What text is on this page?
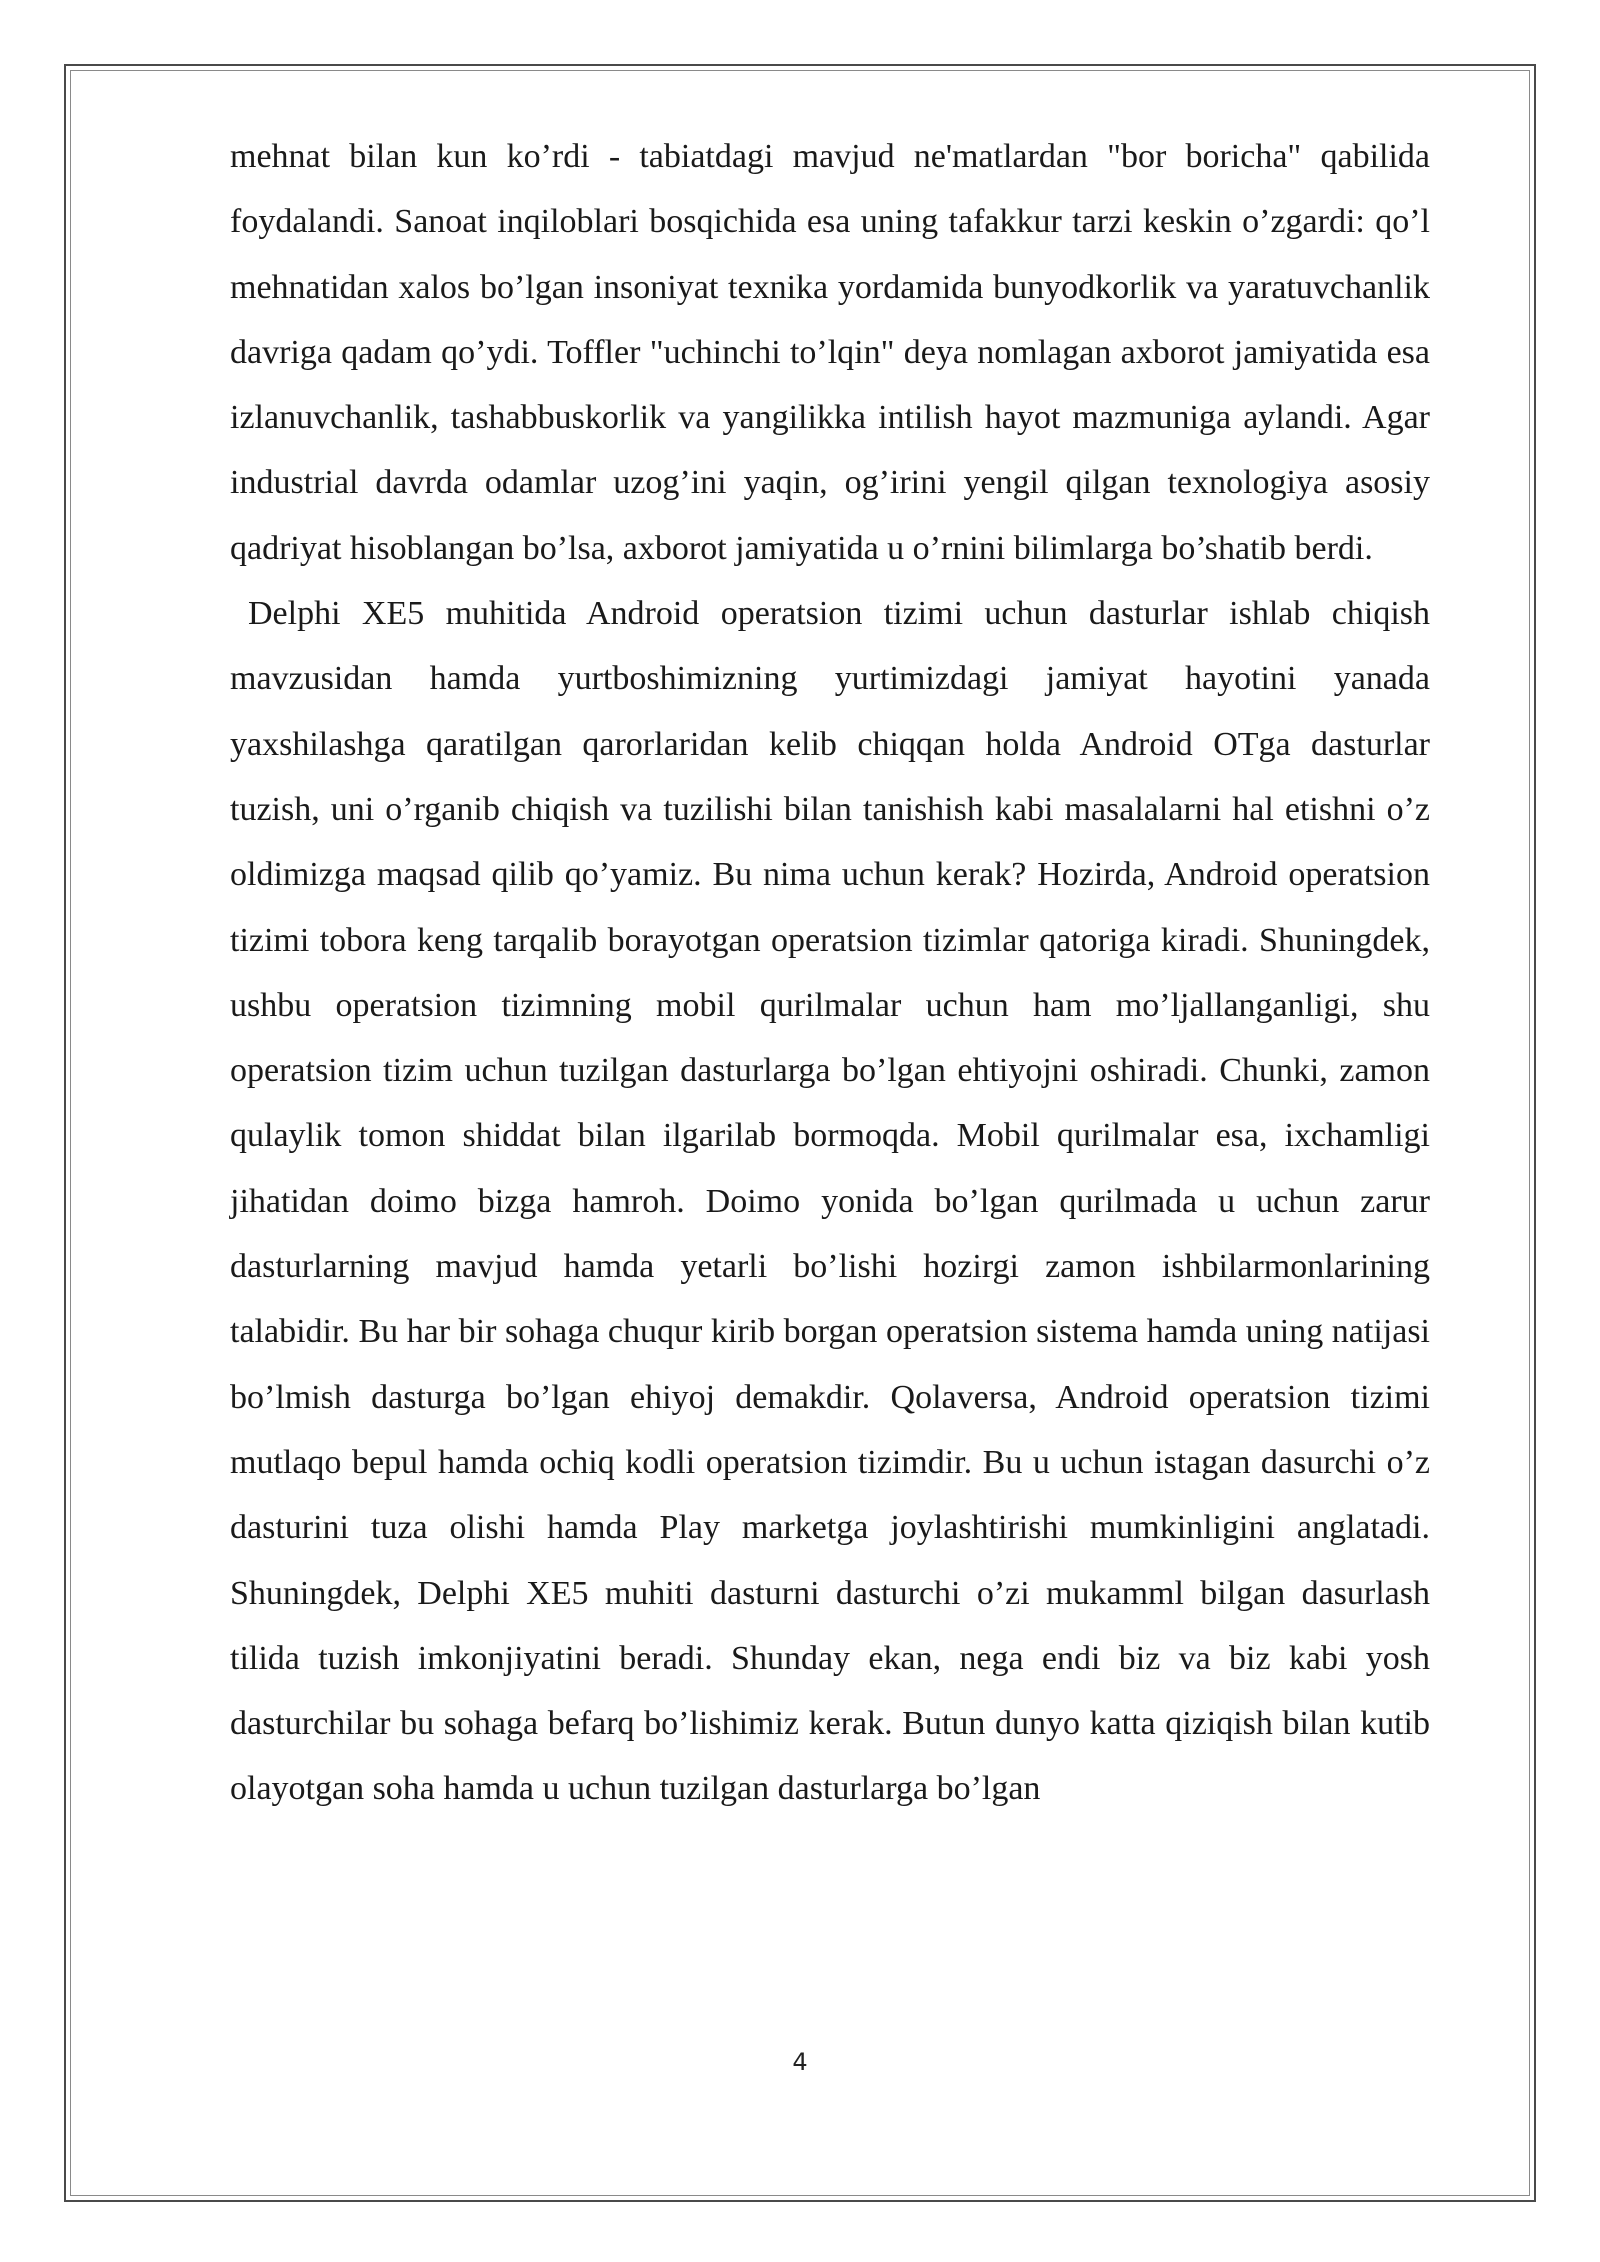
mehnat bilan kun ko’rdi - tabiatdagi mavjud ne'matlardan "bor boricha" qabilida foydalandi. Sanoat inqiloblari bosqichida esa uning tafakkur tarzi keskin o’zgardi: qo’l mehnatidan xalos bo’lgan insoniyat texnika yordamida bunyodkorlik va yaratuvchanlik davriga qadam qo’ydi. Toffler "uchinchi to’lqin" deya nomlagan axborot jamiyatida esa izlanuvchanlik, tashabbuskorlik va yangilikka intilish hayot mazmuniga aylandi. Agar industrial davrda odamlar uzog’ini yaqin, og’irini yengil qilgan texnologiya asosiy qadriyat hisoblangan bo’lsa, axborot jamiyatida u o’rnini bilimlarga bo’shatib berdi.

Delphi XE5 muhitida Android operatsion tizimi uchun dasturlar ishlab chiqish mavzusidan hamda yurtboshimizning yurtimizdagi jamiyat hayotini yanada yaxshilashga qaratilgan qarorlaridan kelib chiqqan holda Android OTga dasturlar tuzish, uni o’rganib chiqish va tuzilishi bilan tanishish kabi masalalarni hal etishni o’z oldimizga maqsad qilib qo’yamiz. Bu nima uchun kerak? Hozirda, Android operatsion tizimi tobora keng tarqalib borayotgan operatsion tizimlar qatoriga kiradi. Shuningdek, ushbu operatsion tizimning mobil qurilmalar uchun ham mo’ljallanganligi, shu operatsion tizim uchun tuzilgan dasturlarga bo’lgan ehtiyojni oshiradi. Chunki, zamon qulaylik tomon shiddat bilan ilgarilab bormoqda. Mobil qurilmalar esa, ixchamligi jihatidan doimo bizga hamroh. Doimo yonida bo’lgan qurilmada u uchun zarur dasturlarning mavjud hamda yetarli bo’lishi hozirgi zamon ishbilarmonlarining talabidir. Bu har bir sohaga chuqur kirib borgan operatsion sistema hamda uning natijasi bo’lmish dasturga bo’lgan ehiyoj demakdir. Qolaversa, Android operatsion tizimi mutlaqo bepul hamda ochiq kodli operatsion tizimdir. Bu u uchun istagan dasurchi o’z dasturini tuza olishi hamda Play marketga joylashtirishi mumkinligini anglatadi. Shuningdek, Delphi XE5 muhiti dasturni dasturchi o’zi mukamml bilgan dasurlash tilida tuzish imkonjiyatini beradi. Shunday ekan, nega endi biz va biz kabi yosh dasturchilar bu sohaga befarq bo’lishimiz kerak. Butun dunyo katta qiziqish bilan kutib olayotgan soha hamda u uchun tuzilgan dasturlarga bo’lgan

4
